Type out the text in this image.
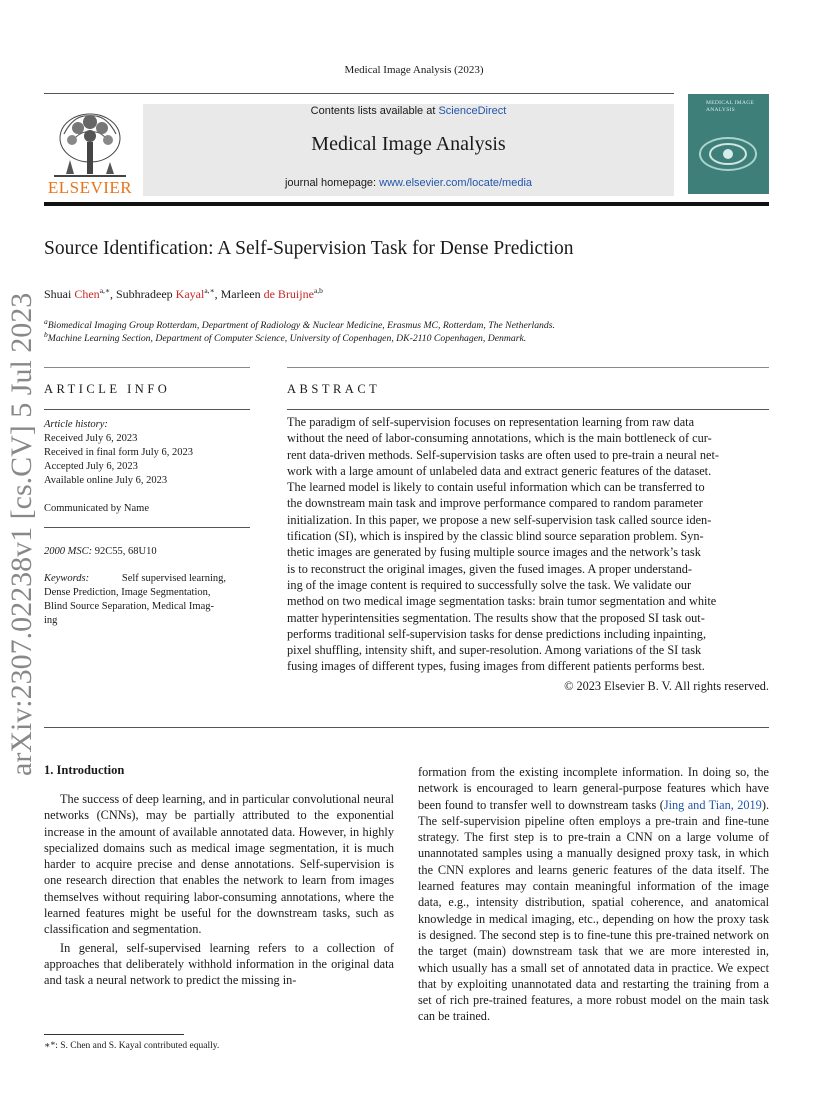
Medical Image Analysis (2023)
ELSEVIER
Contents lists available at ScienceDirect
Medical Image Analysis
journal homepage: www.elsevier.com/locate/media
MEDICAL IMAGE ANALYSIS
Source Identification: A Self-Supervision Task for Dense Prediction
Shuai Chen$^{a,∗}$, Subhradeep Kayal$^{a,∗}$, Marleen de Bruijne$^{a,b}$
$^a$Biomedical Imaging Group Rotterdam, Department of Radiology & Nuclear Medicine, Erasmus MC, Rotterdam, The Netherlands.
$^b$Machine Learning Section, Department of Computer Science, University of Copenhagen, DK-2110 Copenhagen, Denmark.
arXiv:2307.02238v1 [cs.CV] 5 Jul 2023 ARTICLE INFO
Article history:
Received July 6, 2023
Received in final form July 6, 2023
Accepted July 6, 2023
Available online July 6, 2023
Communicated by Name
2000 MSC: 92C55, 68U10
Keywords:	Self supervised learning,
Dense Prediction, Image Segmentation,
Blind Source Separation, Medical Imag-
ing
ABSTRACT
The paradigm of self-supervision focuses on representation learning from raw data
without the need of labor-consuming annotations, which is the main bottleneck of cur-
rent data-driven methods. Self-supervision tasks are often used to pre-train a neural net-
work with a large amount of unlabeled data and extract generic features of the dataset.
The learned model is likely to contain useful information which can be transferred to
the downstream main task and improve performance compared to random parameter
initialization. In this paper, we propose a new self-supervision task called source iden-
tification (SI), which is inspired by the classic blind source separation problem. Syn-
thetic images are generated by fusing multiple source images and the network’s task
is to reconstruct the original images, given the fused images. A proper understand-
ing of the image content is required to successfully solve the task. We validate our
method on two medical image segmentation tasks: brain tumor segmentation and white
matter hyperintensities segmentation. The results show that the proposed SI task out-
performs traditional self-supervision tasks for dense predictions including inpainting,
pixel shuffling, intensity shift, and super-resolution. Among variations of the SI task
fusing images of different types, fusing images from different patients performs best.
© 2023 Elsevier B. V. All rights reserved.
1. Introduction

The success of deep learning, and in particular convolutional neural networks (CNNs), may be partially attributed to the exponential increase in the amount of available annotated data. However, in highly specialized domains such as medical image segmentation, it is much harder to acquire precise and dense annotations. Self-supervision is one research direction that enables the network to learn from images themselves without requiring labor-consuming annotations, where the learned features might be useful for the downstream tasks, such as classification and segmentation.

In general, self-supervised learning refers to a collection of approaches that deliberately withhold information in the original data and task a neural network to predict the missing in-

formation from the existing incomplete information. In doing so, the network is encouraged to learn general-purpose features which have been found to transfer well to downstream tasks (Jing and Tian, 2019). The self-supervision pipeline often employs a pre-train and fine-tune strategy. The first step is to pre-train a CNN on a large volume of unannotated samples using a manually designed proxy task, in which the CNN explores and learns generic features of the data itself. The learned features may contain meaningful information of the image data, e.g., intensity distribution, spatial coherence, and anatomical knowledge in medical imaging, etc., depending on how the proxy task is designed. The second step is to fine-tune this pre-trained network on the target (main) downstream task that we are more interested in, which usually has a small set of annotated data in practice. We expect that by exploiting unannotated data and restarting the training from a set of rich pre-trained features, a more robust model on the main task can be trained.

∗*: S. Chen and S. Kayal contributed equally.
